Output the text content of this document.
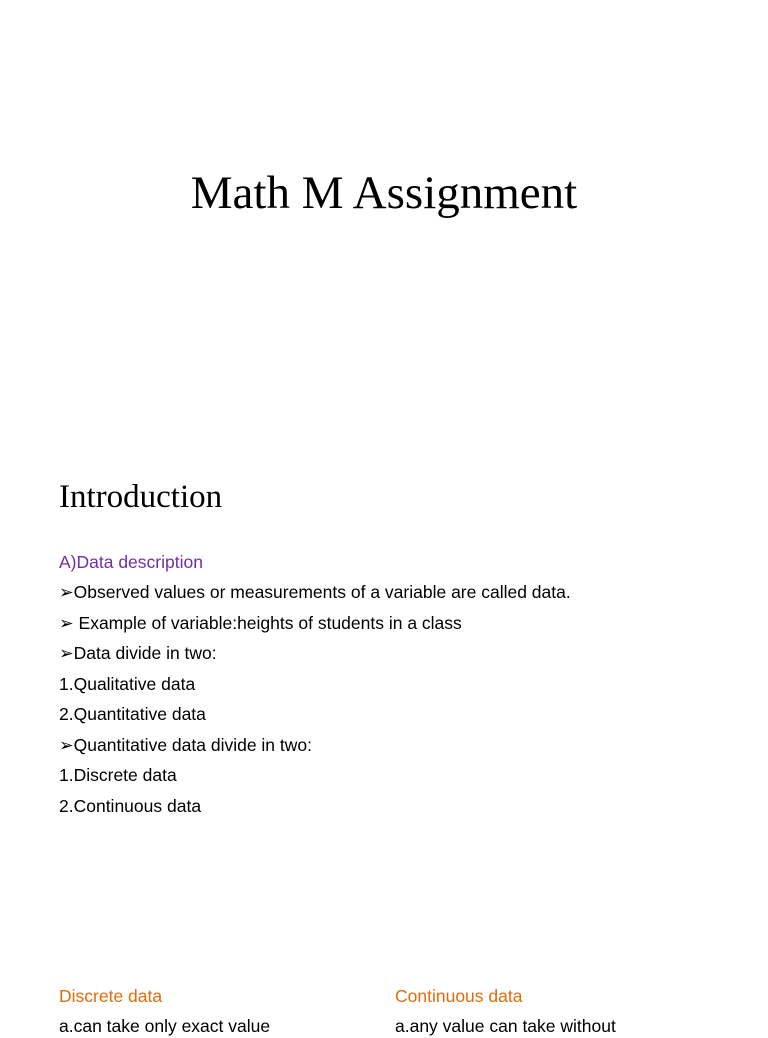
Math M Assignment
Introduction
A)Data description
➢Observed values or measurements of a variable are called data.
➢ Example of variable:heights of students in a class
➢Data divide in two:
1.Qualitative data
2.Quantitative data
➢Quantitative data divide in two:
1.Discrete data
2.Continuous data
Discrete data
a.can take only exact value
Continuous data
a.any value can take without
